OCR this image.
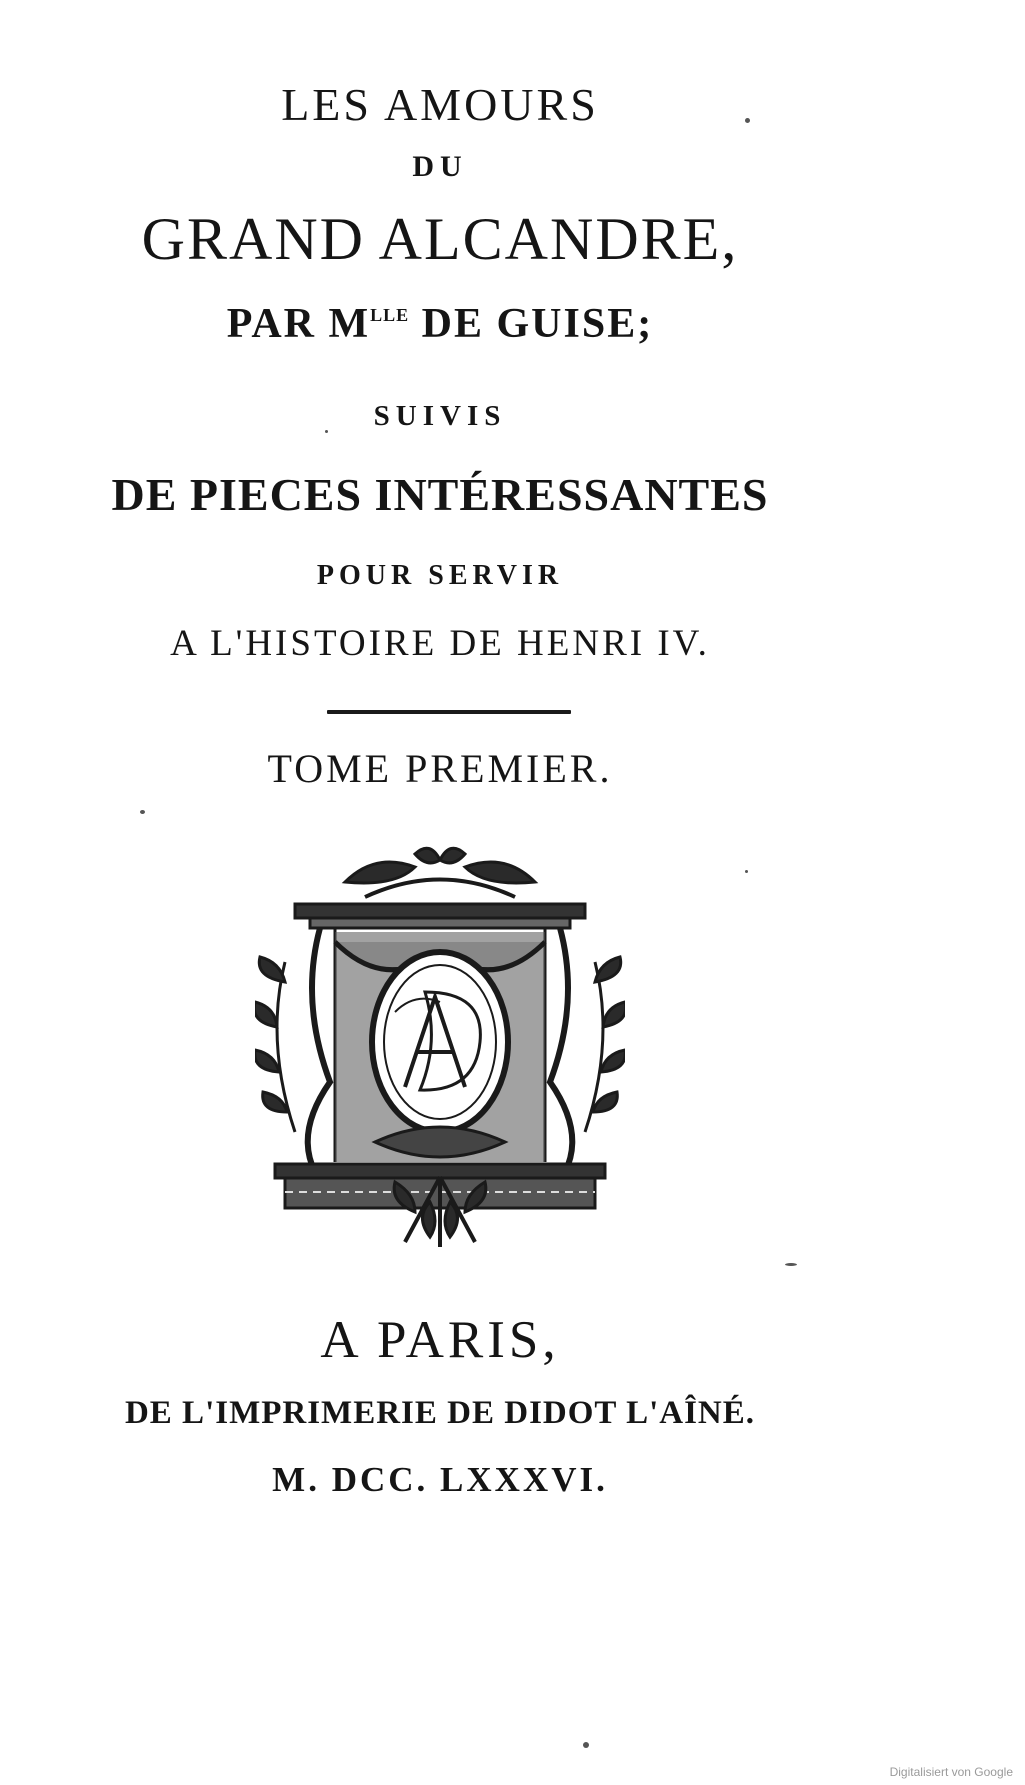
LES AMOURS
DU
GRAND ALCANDRE,
PAR $M^{LLE}$ DE GUISE;
SUIVIS
DE PIECES INTÉRESSANTES
POUR SERVIR
A L'HISTOIRE DE HENRI IV.
TOME PREMIER.
A PARIS,
DE L'IMPRIMERIE DE DIDOT L'AÎNÉ.
M. DCC. LXXXVI.
Digitalisiert von Google
